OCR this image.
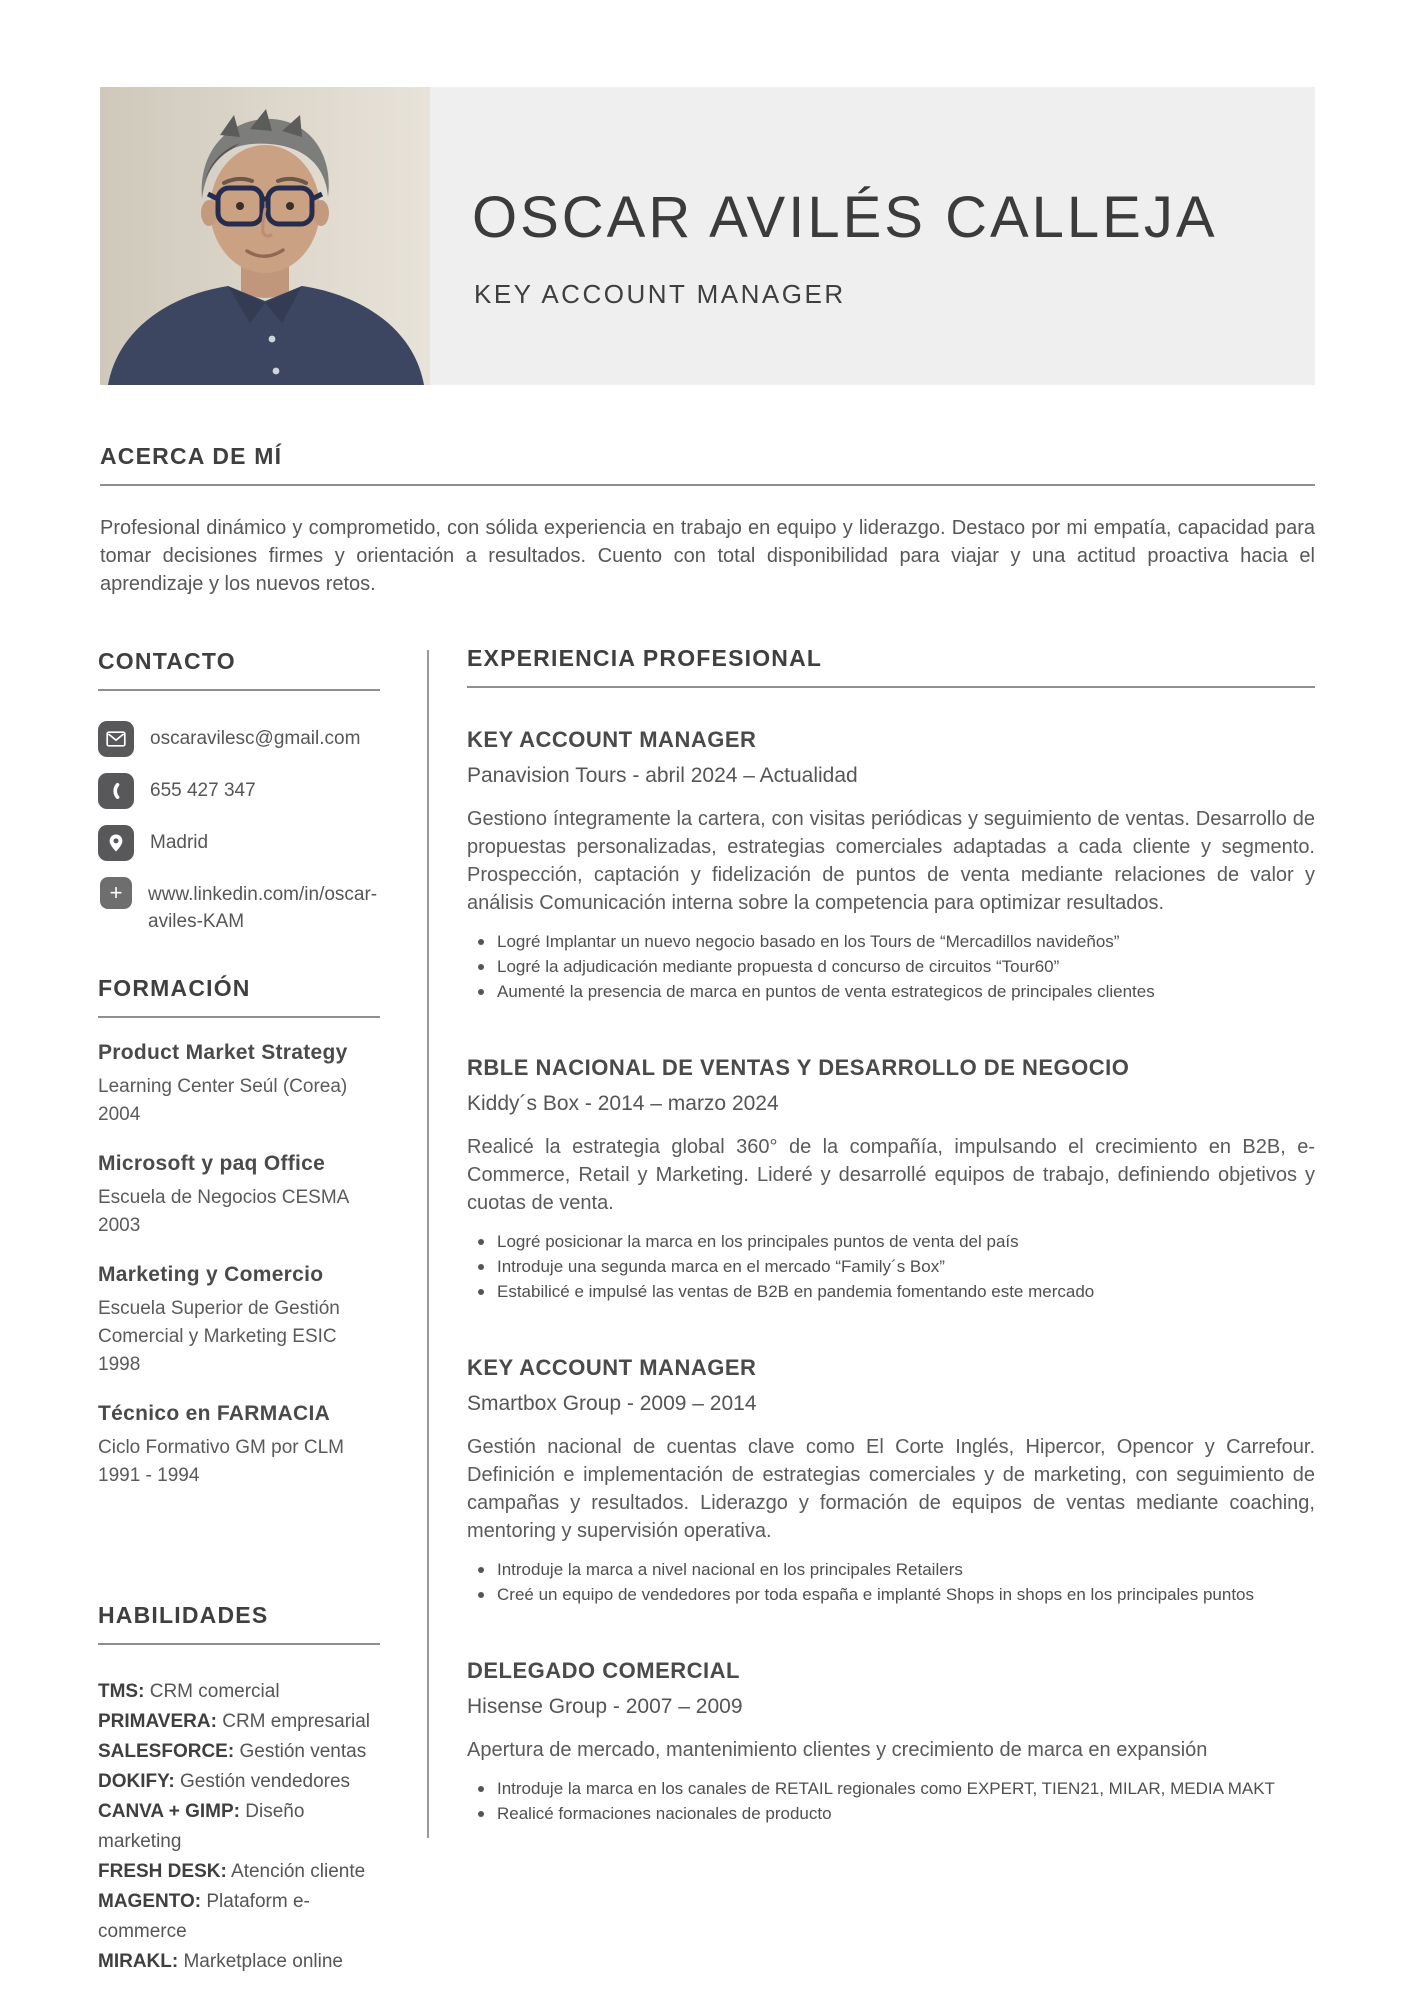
OSCAR AVILÉS CALLEJA
KEY ACCOUNT MANAGER
ACERCA DE MÍ

Profesional dinámico y comprometido, con sólida experiencia en trabajo en equipo y liderazgo. Destaco por mi empatía, capacidad para tomar decisiones firmes y orientación a resultados. Cuento con total disponibilidad para viajar y una actitud proactiva hacia el aprendizaje y los nuevos retos.

CONTACTO
oscaravilesc@gmail.com
655 427 347
Madrid
+ www.linkedin.com/in/oscar-aviles-KAM
FORMACIÓN

Product Market Strategy

Learning Center Seúl (Corea)

2004

Microsoft y paq Office

Escuela de Negocios CESMA

2003

Marketing y Comercio

Escuela Superior de Gestión Comercial y Marketing ESIC

1998

Técnico en FARMACIA

Ciclo Formativo GM por CLM

1991 - 1994

HABILIDADES
TMS: CRM comercial
PRIMAVERA: CRM empresarial
SALESFORCE: Gestión ventas
DOKIFY: Gestión vendedores
CANVA + GIMP: Diseño marketing
FRESH DESK: Atención cliente
MAGENTO: Plataform e-commerce
MIRAKL: Marketplace online
EXPERIENCIA PROFESIONAL

KEY ACCOUNT MANAGER

Panavision Tours - abril 2024 – Actualidad

Gestiono íntegramente la cartera, con visitas periódicas y seguimiento de ventas. Desarrollo de propuestas personalizadas, estrategias comerciales adaptadas a cada cliente y segmento. Prospección, captación y fidelización de puntos de venta mediante relaciones de valor y análisis Comunicación interna sobre la competencia para optimizar resultados.

Logré Implantar un nuevo negocio basado en los Tours de “Mercadillos navideños”
Logré la adjudicación mediante propuesta d concurso de circuitos “Tour60”
Aumenté la presencia de marca en puntos de venta estrategicos de principales clientes

RBLE NACIONAL DE VENTAS Y DESARROLLO DE NEGOCIO

Kiddy´s Box - 2014 – marzo 2024

Realicé la estrategia global 360° de la compañía, impulsando el crecimiento en B2B, e-Commerce, Retail y Marketing. Lideré y desarrollé equipos de trabajo, definiendo objetivos y cuotas de venta.

Logré posicionar la marca en los principales puntos de venta del país
Introduje una segunda marca en el mercado “Family´s Box”
Estabilicé e impulsé las ventas de B2B en pandemia fomentando este mercado

KEY ACCOUNT MANAGER

Smartbox Group - 2009 – 2014

Gestión nacional de cuentas clave como El Corte Inglés, Hipercor, Opencor y Carrefour. Definición e implementación de estrategias comerciales y de marketing, con seguimiento de campañas y resultados. Liderazgo y formación de equipos de ventas mediante coaching, mentoring y supervisión operativa.

Introduje la marca a nivel nacional en los principales Retailers
Creé un equipo de vendedores por toda españa e implanté Shops in shops en los principales puntos

DELEGADO COMERCIAL

Hisense Group - 2007 – 2009

Apertura de mercado, mantenimiento clientes y crecimiento de marca en expansión

Introduje la marca en los canales de RETAIL regionales como EXPERT, TIEN21, MILAR, MEDIA MAKT
Realicé formaciones nacionales de producto
